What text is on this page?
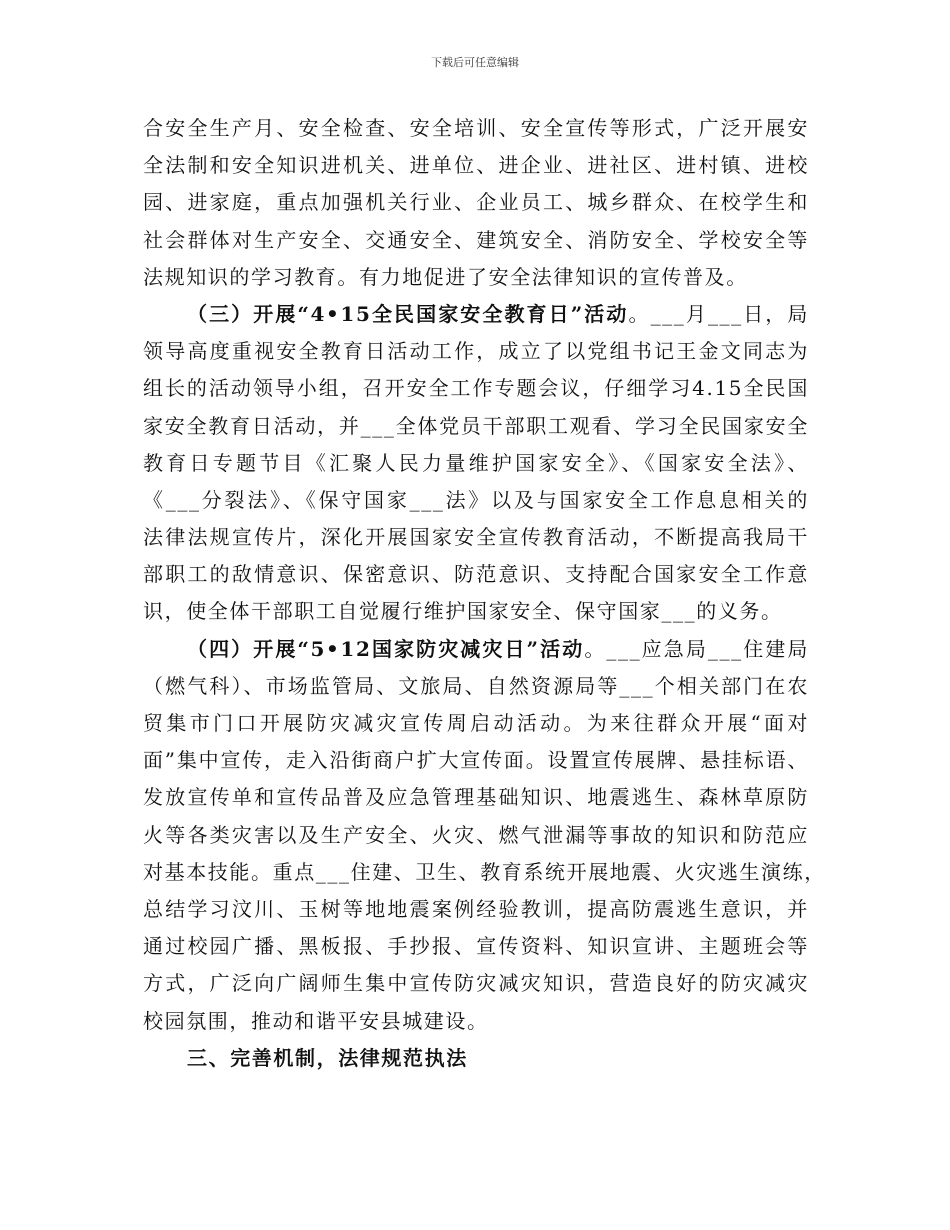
下载后可任意编辑
合安全生产月、安全检查、安全培训、安全宣传等形式，广泛开展安
全法制和安全知识进机关、进单位、进企业、进社区、进村镇、进校
园、进家庭，重点加强机关行业、企业员工、城乡群众、在校学生和
社会群体对生产安全、交通安全、建筑安全、消防安全、学校安全等
法规知识的学习教育。有力地促进了安全法律知识的宣传普及。
（三）开展“4•15全民国家安全教育日”活动。___月___日，局
领导高度重视安全教育日活动工作，成立了以党组书记王金文同志为
组长的活动领导小组，召开安全工作专题会议，仔细学习4.15全民国
家安全教育日活动，并___全体党员干部职工观看、学习全民国家安全
教育日专题节目《汇聚人民力量维护国家安全》、《国家安全法》、
《___分裂法》、《保守国家___法》以及与国家安全工作息息相关的
法律法规宣传片，深化开展国家安全宣传教育活动，不断提高我局干
部职工的敌情意识、保密意识、防范意识、支持配合国家安全工作意
识，使全体干部职工自觉履行维护国家安全、保守国家___的义务。
（四）开展“5•12国家防灾减灾日”活动。___应急局___住建局
（燃气科）、市场监管局、文旅局、自然资源局等___个相关部门在农
贸集市门口开展防灾减灾宣传周启动活动。为来往群众开展“面对
面”集中宣传，走入沿街商户扩大宣传面。设置宣传展牌、悬挂标语、
发放宣传单和宣传品普及应急管理基础知识、地震逃生、森林草原防
火等各类灾害以及生产安全、火灾、燃气泄漏等事故的知识和防范应
对基本技能。重点___住建、卫生、教育系统开展地震、火灾逃生演练，
总结学习汶川、玉树等地地震案例经验教训，提高防震逃生意识，并
通过校园广播、黑板报、手抄报、宣传资料、知识宣讲、主题班会等
方式，广泛向广阔师生集中宣传防灾减灾知识，营造良好的防灾减灾
校园氛围，推动和谐平安县城建设。
三、完善机制，法律规范执法
